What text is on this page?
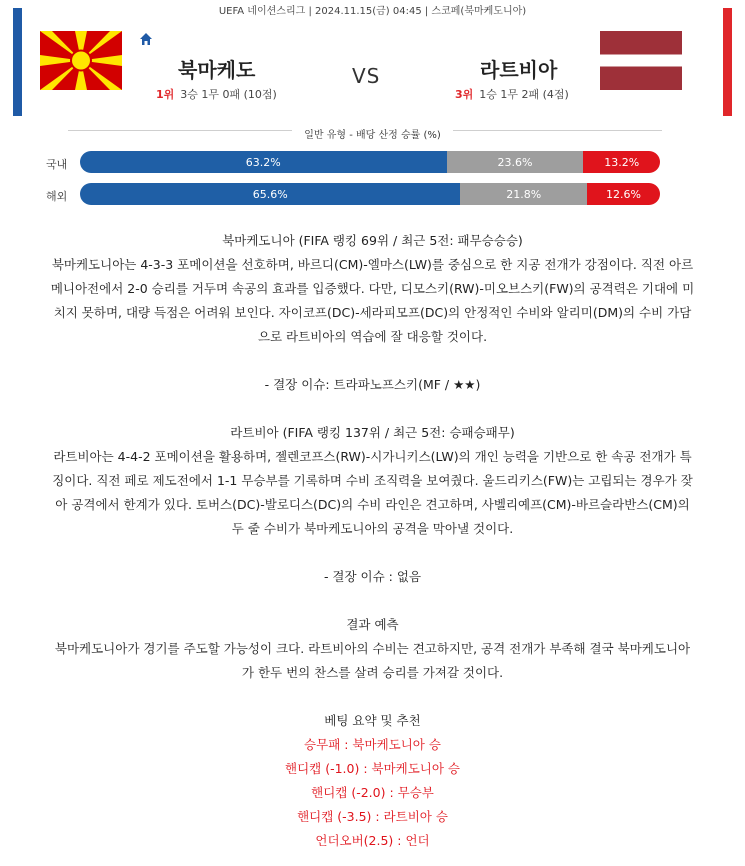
UEFA 네이션스리그 | 2024.11.15(금) 04:45 | 스코페(북마케도니아)
북마케도	VS	라트비아
1위 3승 1무 0패 (10점)	3위 1승 1무 2패 (4점)
일반 유형 - 배당 산정 승률 (%)
국내	63.2%	23.6%	13.2%
해외	65.6%	21.8%	12.6%

북마케도니아 (FIFA 랭킹 69위 / 최근 5전: 패무승승승)

북마케도니아는 4-3-3 포메이션을 선호하며, 바르디(CM)-엘마스(LW)를 중심으로 한 지공 전개가 강점이다. 직전 아르

메니아전에서 2-0 승리를 거두며 속공의 효과를 입증했다. 다만, 디모스키(RW)-미오브스키(FW)의 공격력은 기대에 미

치지 못하며, 대량 득점은 어려워 보인다. 자이코프(DC)-세라피모프(DC)의 안정적인 수비와 알리미(DM)의 수비 가담

으로 라트비아의 역습에 잘 대응할 것이다.

- 결장 이슈: 트라파노프스키(MF / ★★)

라트비아 (FIFA 랭킹 137위 / 최근 5전: 승패승패무)

라트비아는 4-4-2 포메이션을 활용하며, 젤렌코프스(RW)-시가니키스(LW)의 개인 능력을 기반으로 한 속공 전개가 특

징이다. 직전 페로 제도전에서 1-1 무승부를 기록하며 수비 조직력을 보여줬다. 울드리키스(FW)는 고립되는 경우가 잦

아 공격에서 한계가 있다. 토버스(DC)-발로디스(DC)의 수비 라인은 견고하며, 사벨리예프(CM)-바르슬라반스(CM)의

두 줄 수비가 북마케도니아의 공격을 막아낼 것이다.

- 결장 이슈 : 없음

결과 예측

북마케도니아가 경기를 주도할 가능성이 크다. 라트비아의 수비는 견고하지만, 공격 전개가 부족해 결국 북마케도니아

가 한두 번의 찬스를 살려 승리를 가져갈 것이다.

베팅 요약 및 추천

승무패 : 북마케도니아 승

핸디캡 (-1.0) : 북마케도니아 승

핸디캡 (-2.0) : 무승부

핸디캡 (-3.5) : 라트비아 승

언더오버(2.5) : 언더
